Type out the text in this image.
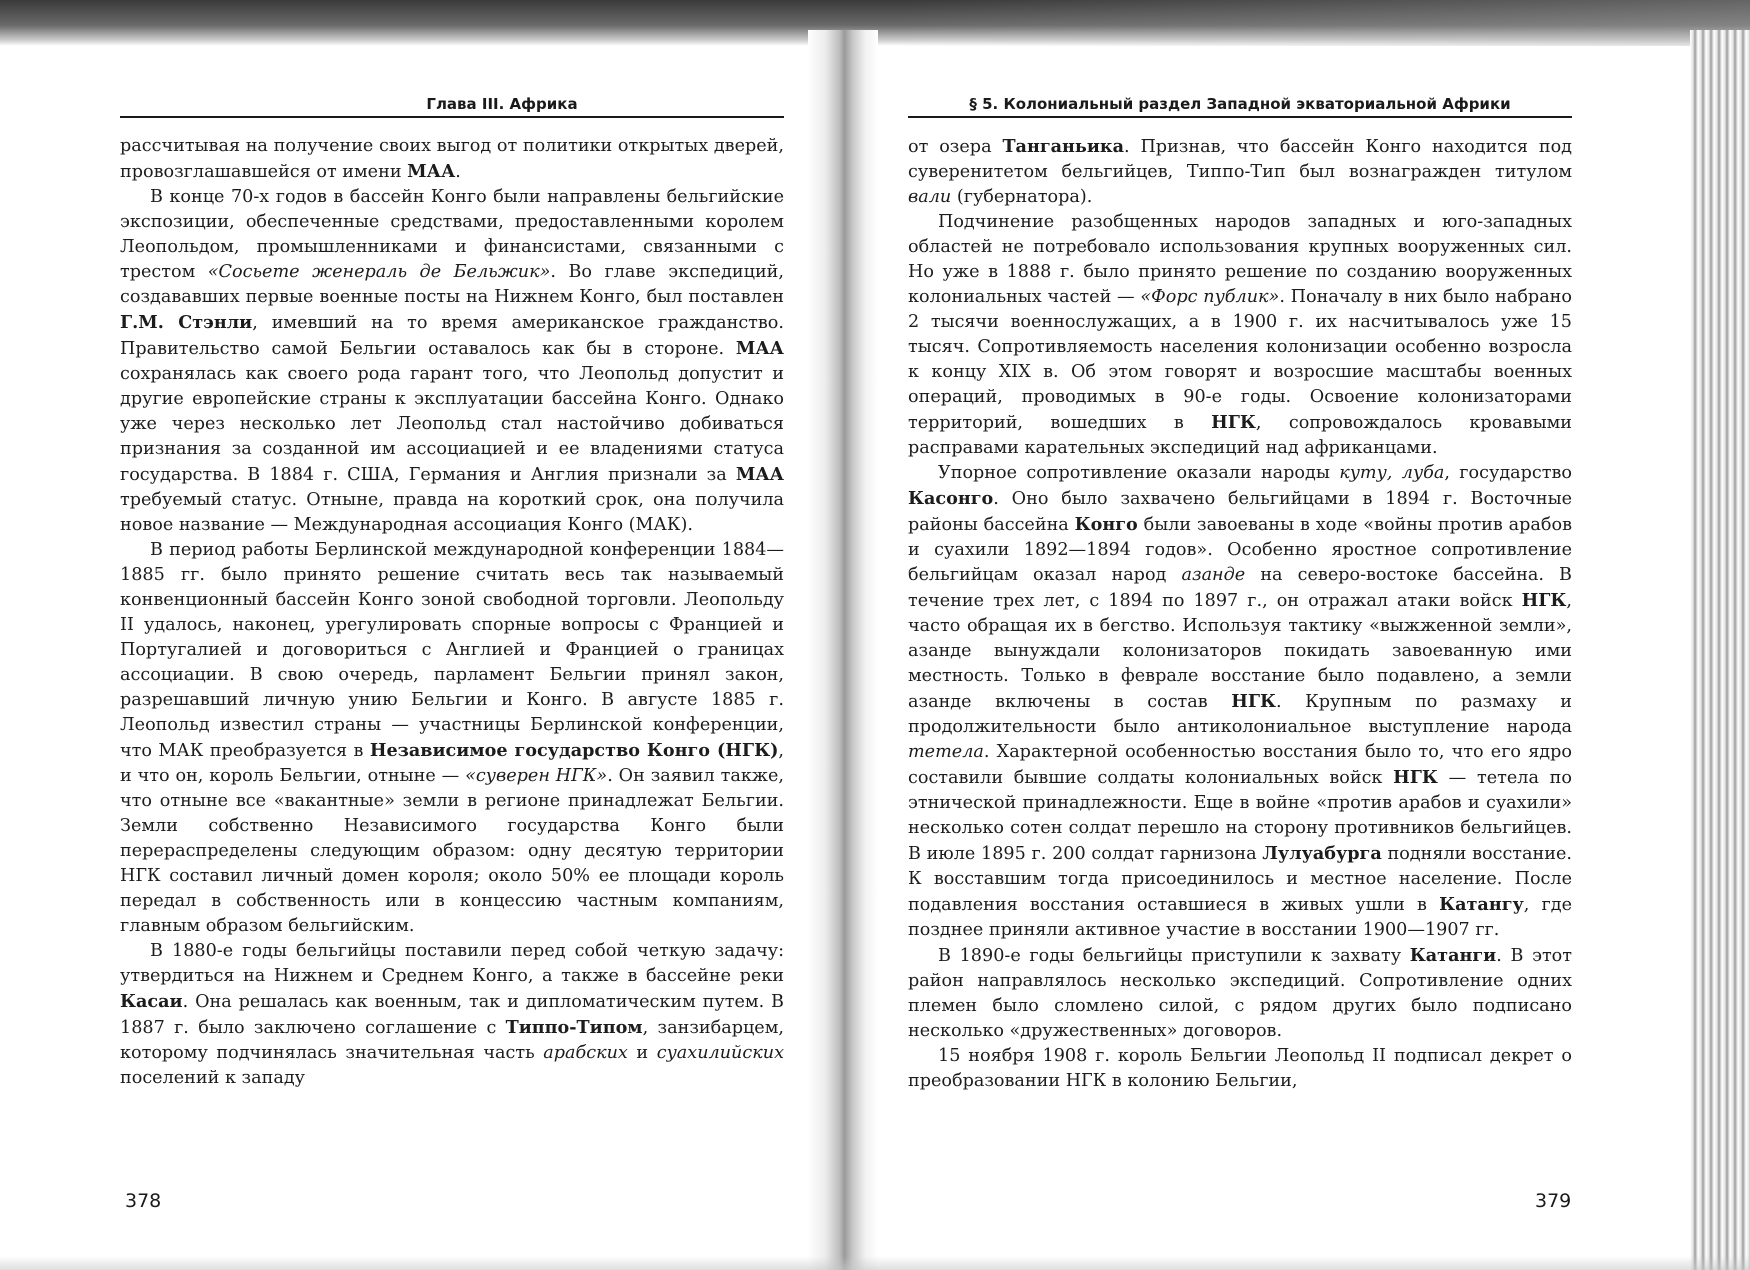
Глава III. Африка

рассчитывая на получение своих выгод от политики открытых дверей, провозглашавшейся от имени МАА.

В конце 70-х годов в бассейн Конго были направлены бельгийские экспозиции, обеспеченные средствами, предоставленными королем Леопольдом, промышленниками и финансистами, связанными с трестом «Сосьете женераль де Бельжик». Во главе экспедиций, создававших первые военные посты на Нижнем Конго, был поставлен Г.М. Стэнли, имевший на то время американское гражданство. Правительство самой Бельгии оставалось как бы в стороне. МАА сохранялась как своего рода гарант того, что Леопольд допустит и другие европейские страны к эксплуатации бассейна Конго. Однако уже через несколько лет Леопольд стал настойчиво добиваться признания за созданной им ассоциацией и ее владениями статуса государства. В 1884 г. США, Германия и Англия признали за МАА требуемый статус. Отныне, правда на короткий срок, она получила новое название — Международная ассоциация Конго (МАК).

В период работы Берлинской международной конференции 1884—1885 гг. было принято решение считать весь так называемый конвенционный бассейн Конго зоной свободной торговли. Леопольду II удалось, наконец, урегулировать спорные вопросы с Францией и Португалией и договориться с Англией и Францией о границах ассоциации. В свою очередь, парламент Бельгии принял закон, разрешавший личную унию Бельгии и Конго. В августе 1885 г. Леопольд известил страны — участницы Берлинской конференции, что МАК преобразуется в Независимое государство Конго (НГК), и что он, король Бельгии, отныне — «суверен НГК». Он заявил также, что отныне все «вакантные» земли в регионе принадлежат Бельгии. Земли собственно Независимого государства Конго были перераспределены следующим образом: одну десятую территории НГК составил личный домен короля; около 50% ее площади король передал в собственность или в концессию частным компаниям, главным образом бельгийским.

В 1880-е годы бельгийцы поставили перед собой четкую задачу: утвердиться на Нижнем и Среднем Конго, а также в бассейне реки Касаи. Она решалась как военным, так и дипломатическим путем. В 1887 г. было заключено соглашение с Типпо-Типом, занзибарцем, которому подчинялась значительная часть арабских и суахилийских поселений к западу

378
§ 5. Колониальный раздел Западной экваториальной Африки

от озера Танганьика. Признав, что бассейн Конго находится под суверенитетом бельгийцев, Типпо-Тип был вознагражден титулом вали (губернатора).

Подчинение разобщенных народов западных и юго-западных областей не потребовало использования крупных вооруженных сил. Но уже в 1888 г. было принято решение по созданию вооруженных колониальных частей — «Форс публик». Поначалу в них было набрано 2 тысячи военнослужащих, а в 1900 г. их насчитывалось уже 15 тысяч. Сопротивляемость населения колонизации особенно возросла к концу XIX в. Об этом говорят и возросшие масштабы военных операций, проводимых в 90-е годы. Освоение колонизаторами территорий, вошедших в НГК, сопровождалось кровавыми расправами карательных экспедиций над африканцами.

Упорное сопротивление оказали народы куту, луба, государство Касонго. Оно было захвачено бельгийцами в 1894 г. Восточные районы бассейна Конго были завоеваны в ходе «войны против арабов и суахили 1892—1894 годов». Особенно яростное сопротивление бельгийцам оказал народ азанде на северо-востоке бассейна. В течение трех лет, с 1894 по 1897 г., он отражал атаки войск НГК, часто обращая их в бегство. Используя тактику «выжженной земли», азанде вынуждали колонизаторов покидать завоеванную ими местность. Только в феврале восстание было подавлено, а земли азанде включены в состав НГК. Крупным по размаху и продолжительности было антиколониальное выступление народа тетела. Характерной особенностью восстания было то, что его ядро составили бывшие солдаты колониальных войск НГК — тетела по этнической принадлежности. Еще в войне «против арабов и суахили» несколько сотен солдат перешло на сторону противников бельгийцев. В июле 1895 г. 200 солдат гарнизона Лулуабурга подняли восстание. К восставшим тогда присоединилось и местное население. После подавления восстания оставшиеся в живых ушли в Катангу, где позднее приняли активное участие в восстании 1900—1907 гг.

В 1890-е годы бельгийцы приступили к захвату Катанги. В этот район направлялось несколько экспедиций. Сопротивление одних племен было сломлено силой, с рядом других было подписано несколько «дружественных» договоров.

15 ноября 1908 г. король Бельгии Леопольд II подписал декрет о преобразовании НГК в колонию Бельгии,

379
